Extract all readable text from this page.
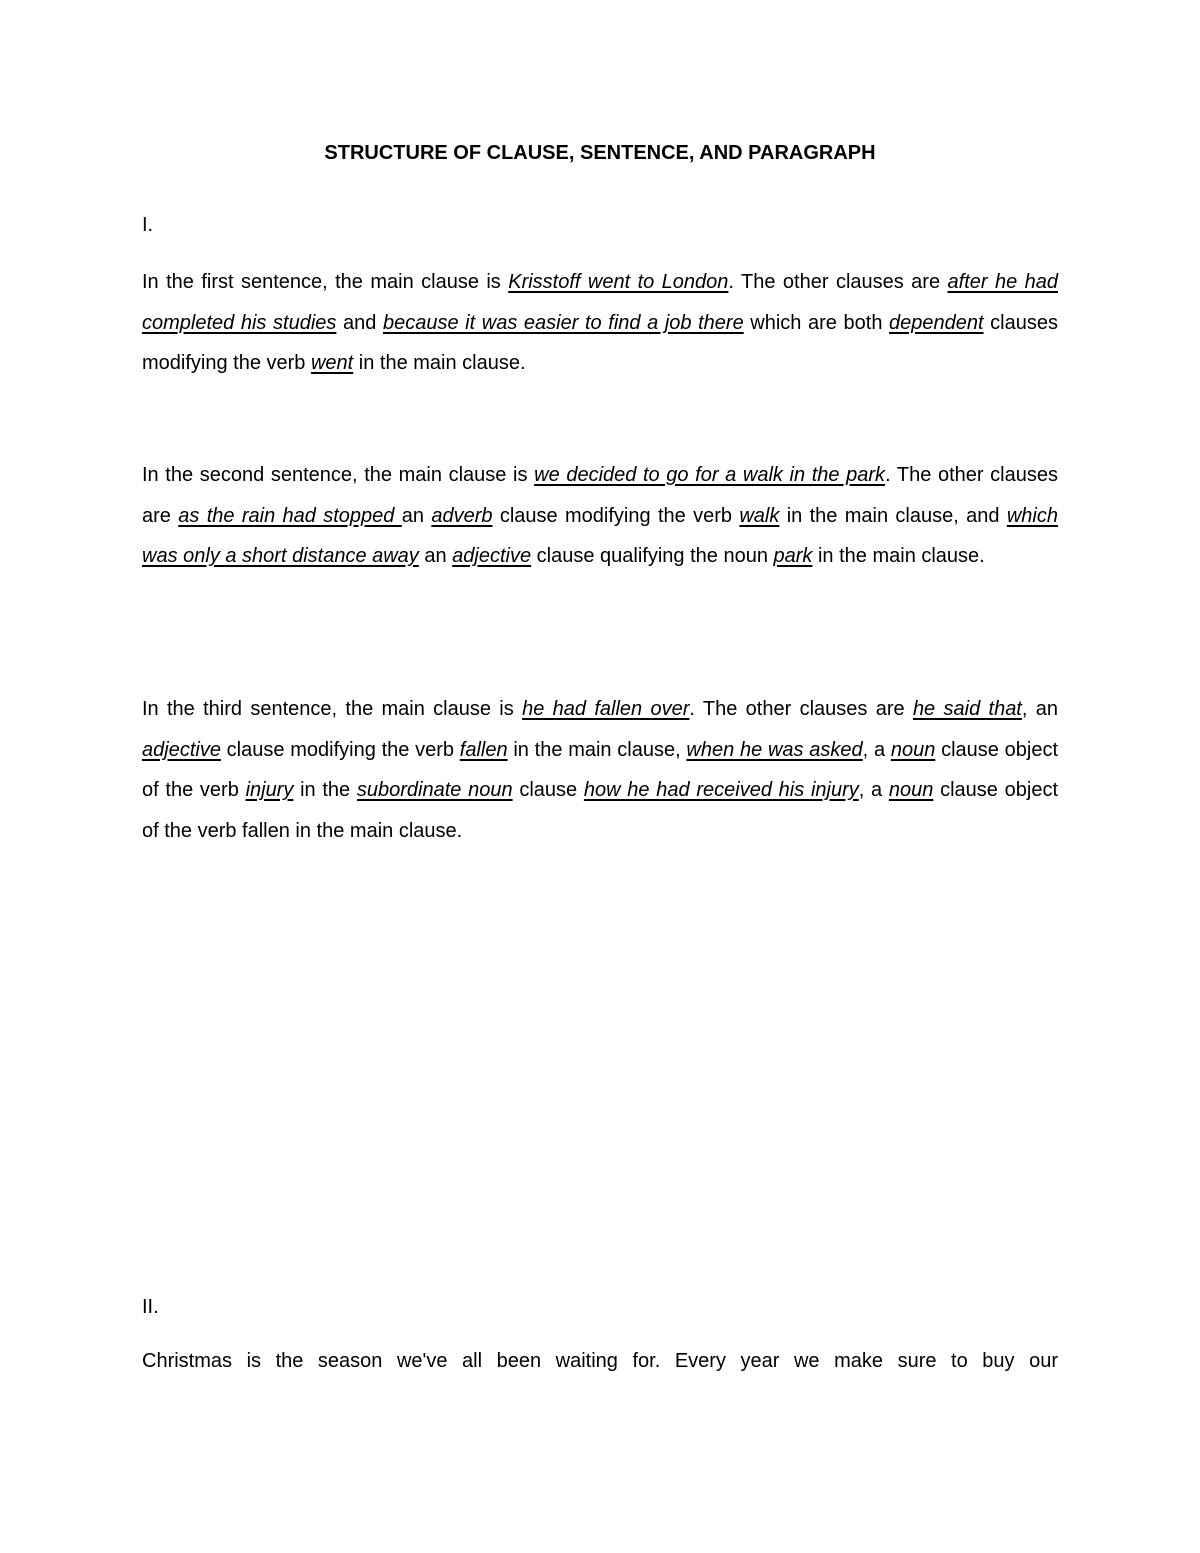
STRUCTURE OF CLAUSE, SENTENCE, AND PARAGRAPH
I.
In the first sentence, the main clause is Krisstoff went to London. The other clauses are after he had completed his studies and because it was easier to find a job there which are both dependent clauses modifying the verb went in the main clause.
In the second sentence, the main clause is we decided to go for a walk in the park. The other clauses are as the rain had stopped an adverb clause modifying the verb walk in the main clause, and which was only a short distance away an adjective clause qualifying the noun park in the main clause.
In the third sentence, the main clause is he had fallen over. The other clauses are he said that, an adjective clause modifying the verb fallen in the main clause, when he was asked, a noun clause object of the verb injury in the subordinate noun clause how he had received his injury, a noun clause object of the verb fallen in the main clause.
II.
Christmas is the season we've all been waiting for. Every year we make sure to buy our
